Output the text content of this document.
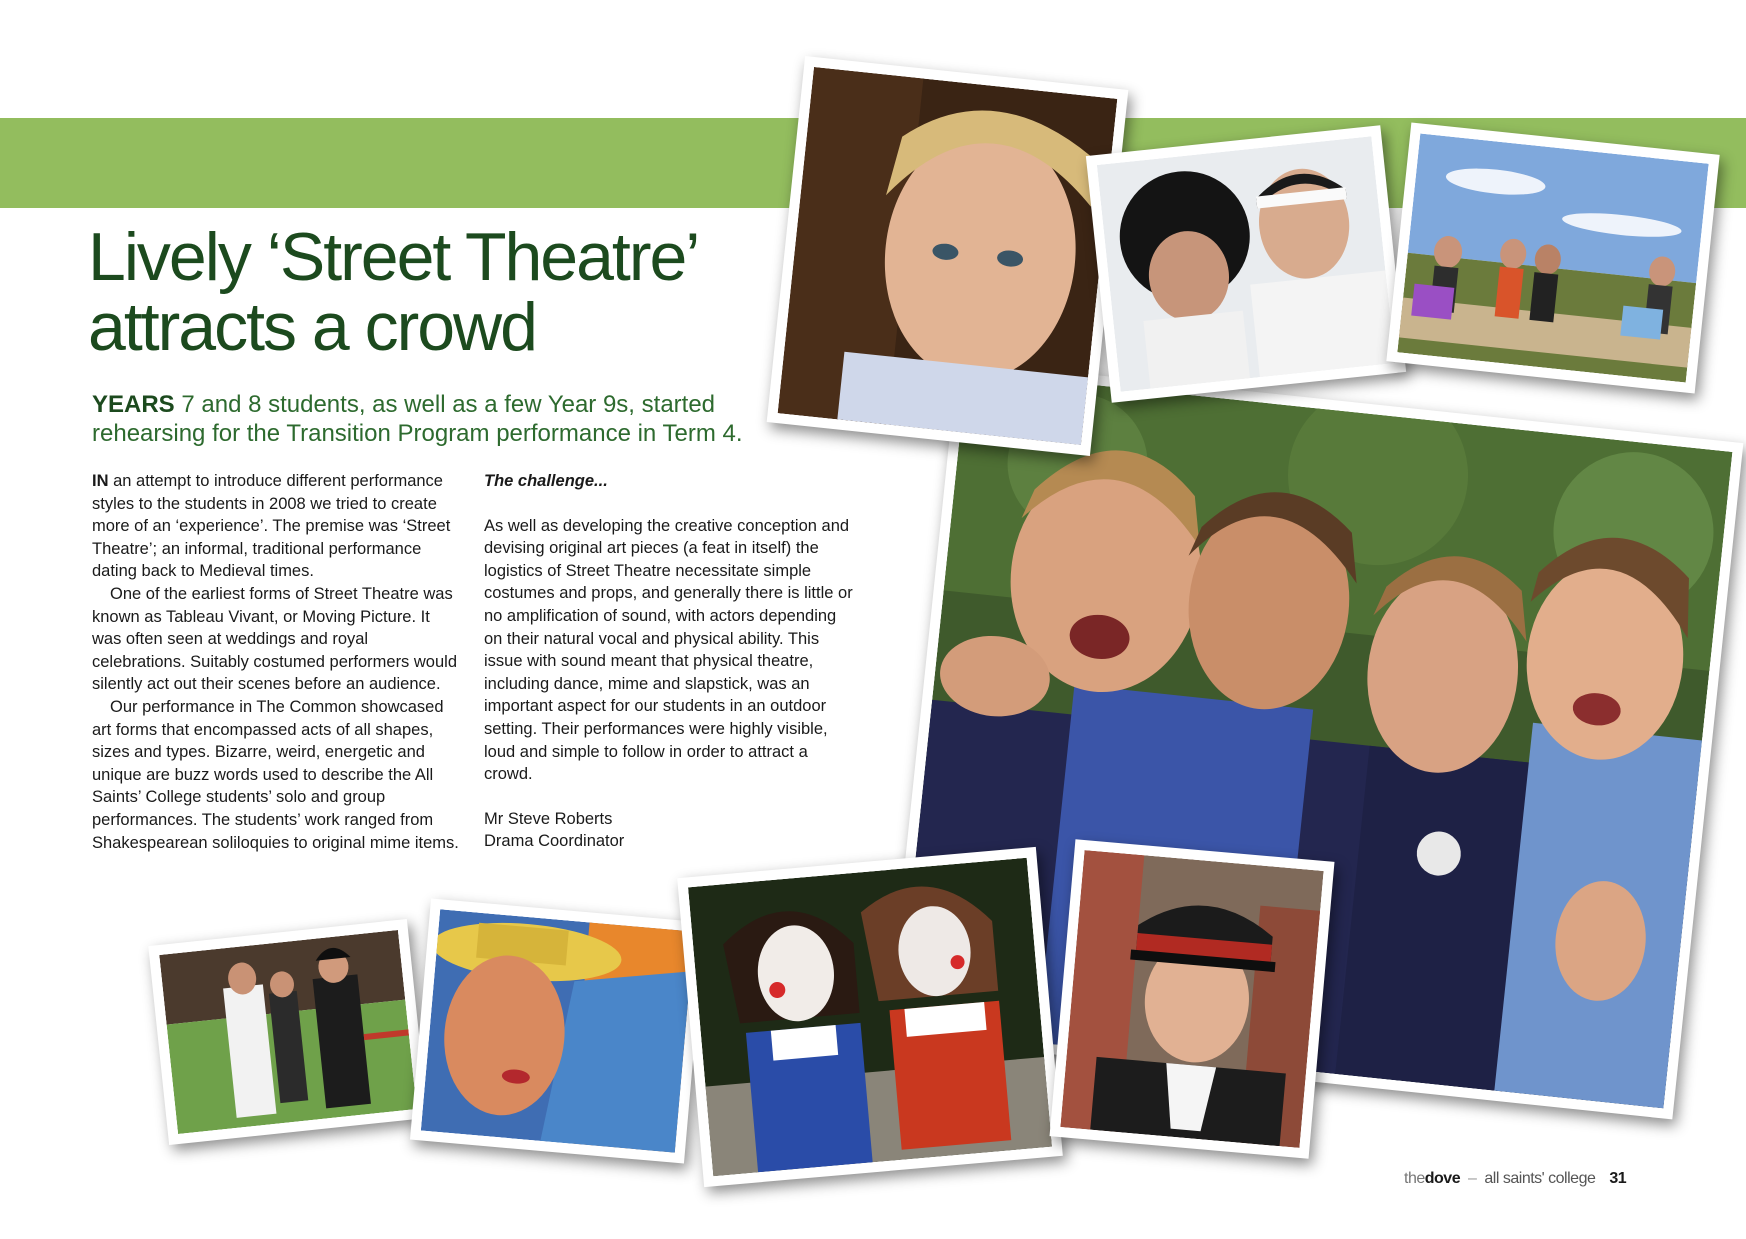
Lively ‘Street Theatre’
attracts a crowd
YEARS 7 and 8 students, as well as a few Year 9s, started rehearsing for the Transition Program performance in Term 4.

IN an attempt to introduce different performance styles to the students in 2008 we tried to create more of an ‘experience’. The premise was ‘Street Theatre’; an informal, traditional performance dating back to Medieval times.

One of the earliest forms of Street Theatre was known as Tableau Vivant, or Moving Picture. It was often seen at weddings and royal celebrations. Suitably costumed performers would silently act out their scenes before an audience.

Our performance in The Common showcased art forms that encompassed acts of all shapes, sizes and types. Bizarre, weird, energetic and unique are buzz words used to describe the All Saints’ College students’ solo and group performances. The students’ work ranged from Shakespearean soliloquies to original mime items.

The challenge...

As well as developing the creative conception and devising original art pieces (a feat in itself) the logistics of Street Theatre necessitate simple costumes and props, and generally there is little or no amplification of sound, with actors depending on their natural vocal and physical ability. This issue with sound meant that physical theatre, including dance, mime and slapstick, was an important aspect for our students in an outdoor setting. Their performances were highly visible, loud and simple to follow in order to attract a crowd.

Mr Steve Roberts

Drama Coordinator

thedove – all saints' college 31
